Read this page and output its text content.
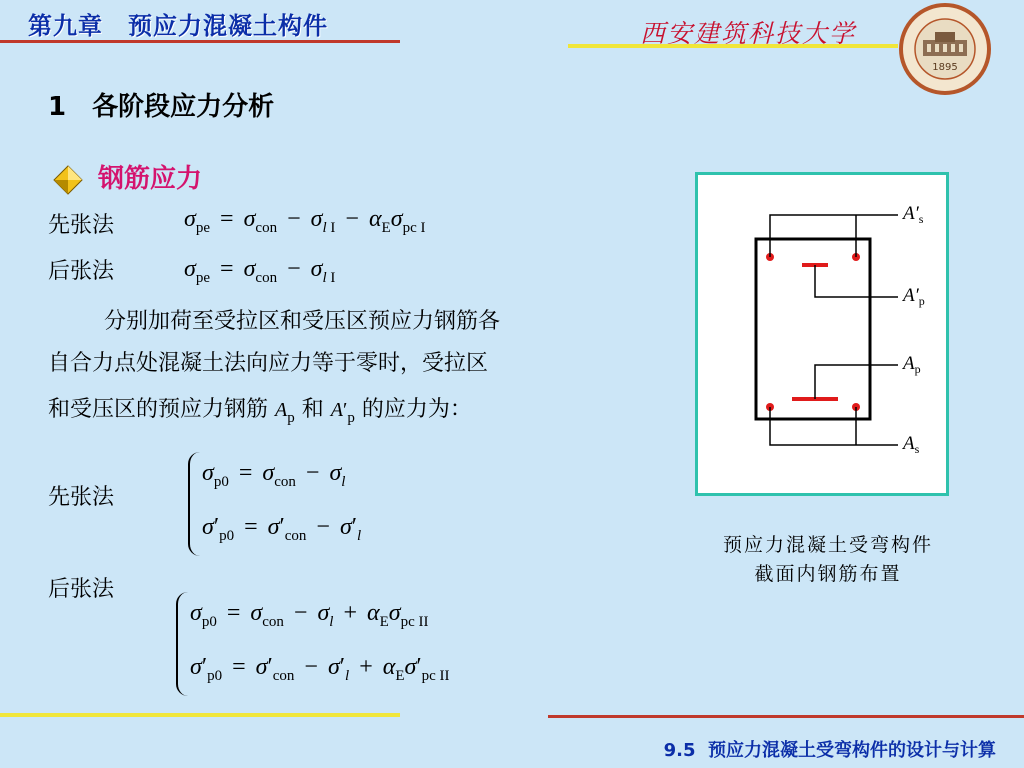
第九章　预应力混凝土构件	西安建筑科技大学
1895
1　各阶段应力分析
钢筋应力
先张法	$\sigma_{pe} = \sigma_{con} - \sigma_{l I} - \alpha_E\sigma_{pc I}$
后张法	$\sigma_{pe} = \sigma_{con} - \sigma_{l I}$
分别加荷至受拉区和受压区预应力钢筋各
自合力点处混凝土法向应力等于零时，受拉区
和受压区的预应力钢筋 $A_p$ 和 $A'_p$ 的应力为：
先张法
$\sigma_{p0} = \sigma_{con} - \sigma_l$
$\sigma'_{p0} = \sigma'_{con} - \sigma'_l$
后张法
$\sigma_{p0} = \sigma_{con} - \sigma_l + \alpha_E\sigma_{pc II}$
$\sigma'_{p0} = \sigma'_{con} - \sigma'_l + \alpha_E\sigma'_{pc II}$
$A'_s$
$A'_p$
$A_p$
$A_s$
预应力混凝土受弯构件
截面内钢筋布置
9.5  预应力混凝土受弯构件的设计与计算
